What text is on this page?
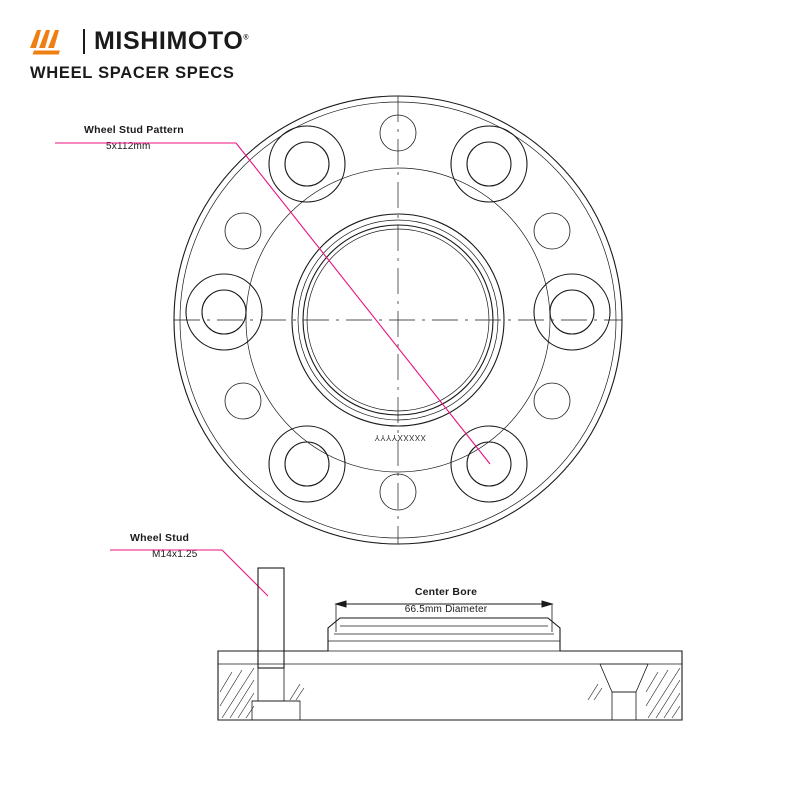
MISHIMOTO®
WHEEL SPACER SPECS
Wheel Stud Pattern
5x112mm
Wheel Stud
M14x1.25
Center Bore
66.5mm Diameter
XXXXXYYYY
